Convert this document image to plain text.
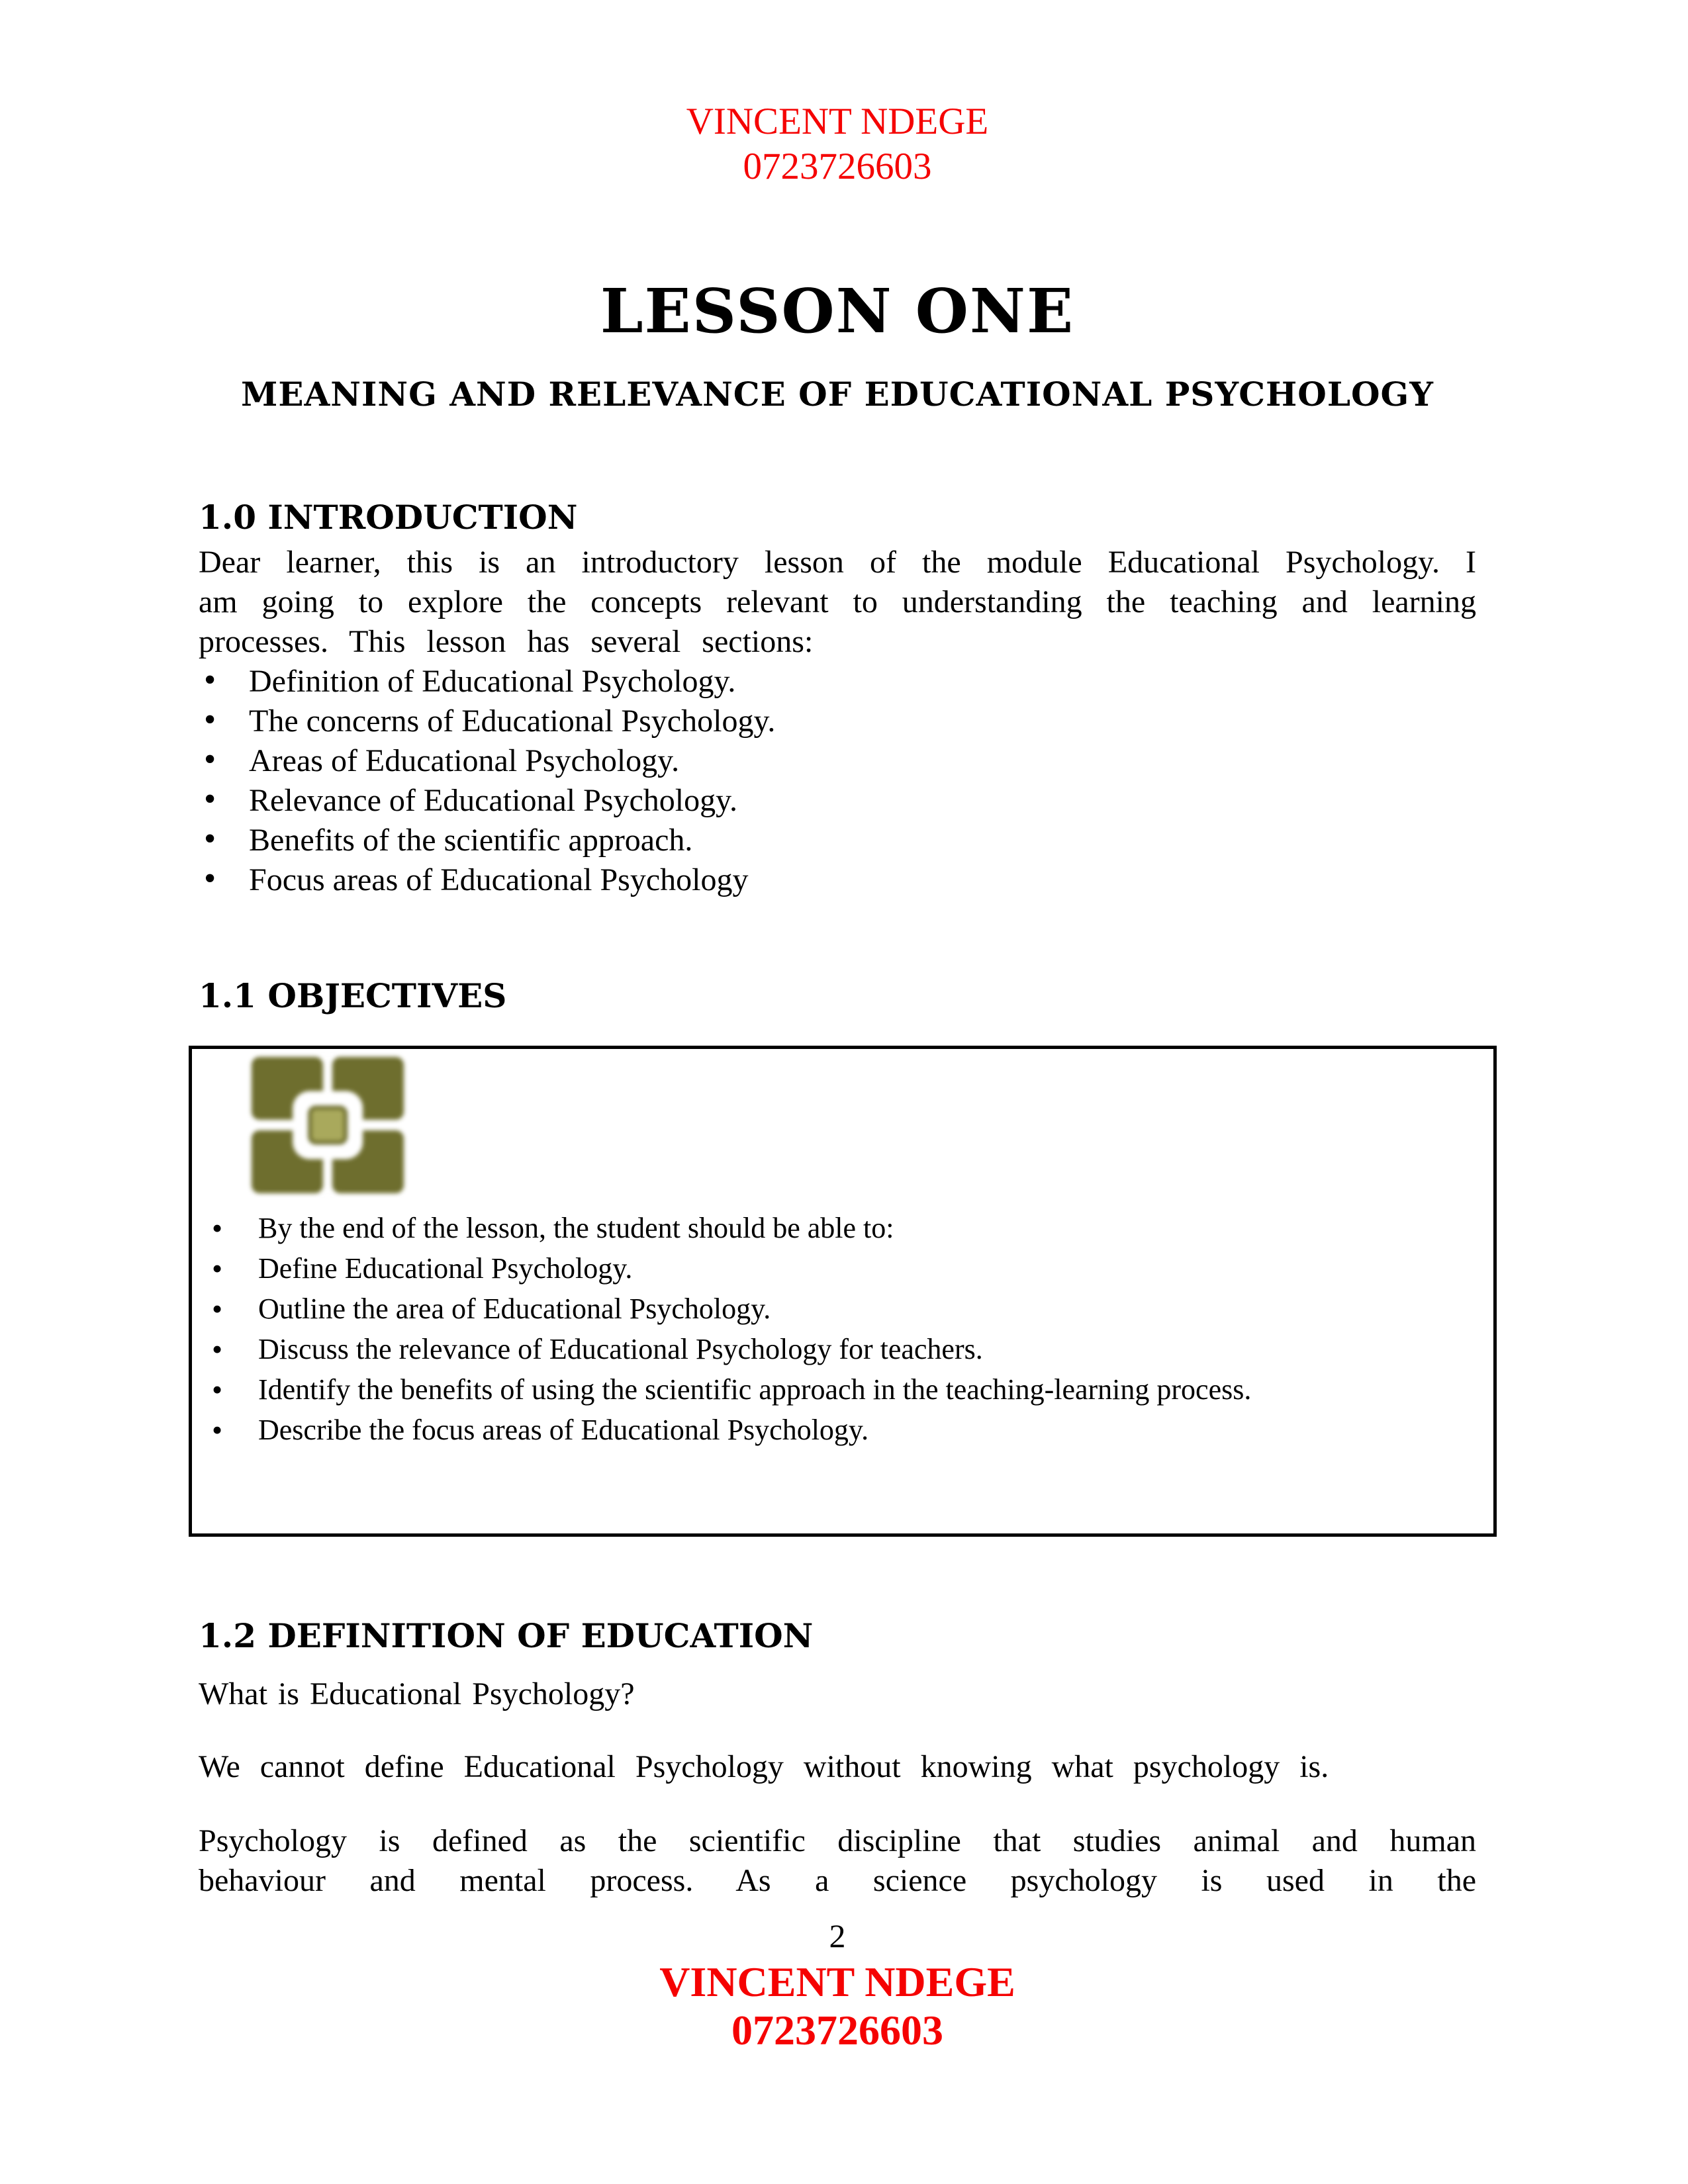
VINCENT NDEGE
0723726603
LESSON ONE
MEANING AND RELEVANCE OF EDUCATIONAL PSYCHOLOGY
1.0 INTRODUCTION
Dear learner, this is an introductory lesson of the module Educational Psychology. I am going to explore the concepts relevant to understanding the teaching and learning processes. This lesson has several sections:
• Definition of Educational Psychology.
• The concerns of Educational Psychology.
• Areas of Educational Psychology.
• Relevance of Educational Psychology.
• Benefits of the scientific approach.
• Focus areas of Educational Psychology
1.1 OBJECTIVES
• By the end of the lesson, the student should be able to:
• Define Educational Psychology.
• Outline the area of Educational Psychology.
• Discuss the relevance of Educational Psychology for teachers.
• Identify the benefits of using the scientific approach in the teaching-learning process.
• Describe the focus areas of Educational Psychology.
1.2 DEFINITION OF EDUCATION
What is Educational Psychology?
We cannot define Educational Psychology without knowing what psychology is.
Psychology is defined as the scientific discipline that studies animal and human behaviour and mental process. As a science psychology is used in the
2
VINCENT NDEGE
0723726603
